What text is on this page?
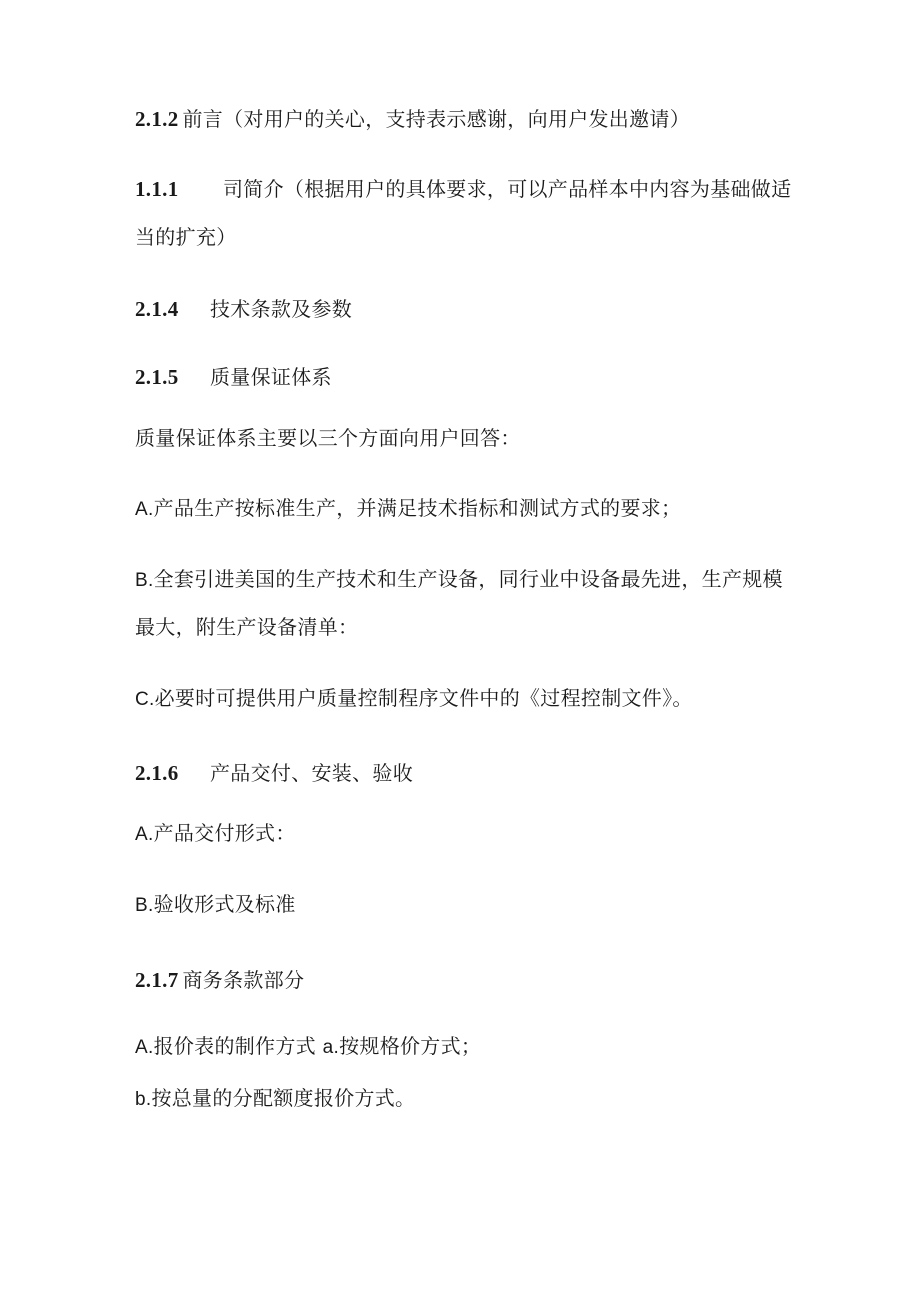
2.1.2 前言（对用户的关心，支持表示感谢，向用户发出邀请）
1.1.1 司简介（根据用户的具体要求，可以产品样本中内容为基础做适
当的扩充）
2.1.4 技术条款及参数
2.1.5 质量保证体系
质量保证体系主要以三个方面向用户回答：
A.产品生产按标准生产，并满足技术指标和测试方式的要求；
B.全套引进美国的生产技术和生产设备，同行业中设备最先进，生产规模
最大，附生产设备清单：
C.必要时可提供用户质量控制程序文件中的《过程控制文件》。
2.1.6 产品交付、安装、验收
A.产品交付形式：
B.验收形式及标准
2.1.7 商务条款部分
A.报价表的制作方式 a.按规格价方式；
b.按总量的分配额度报价方式。
